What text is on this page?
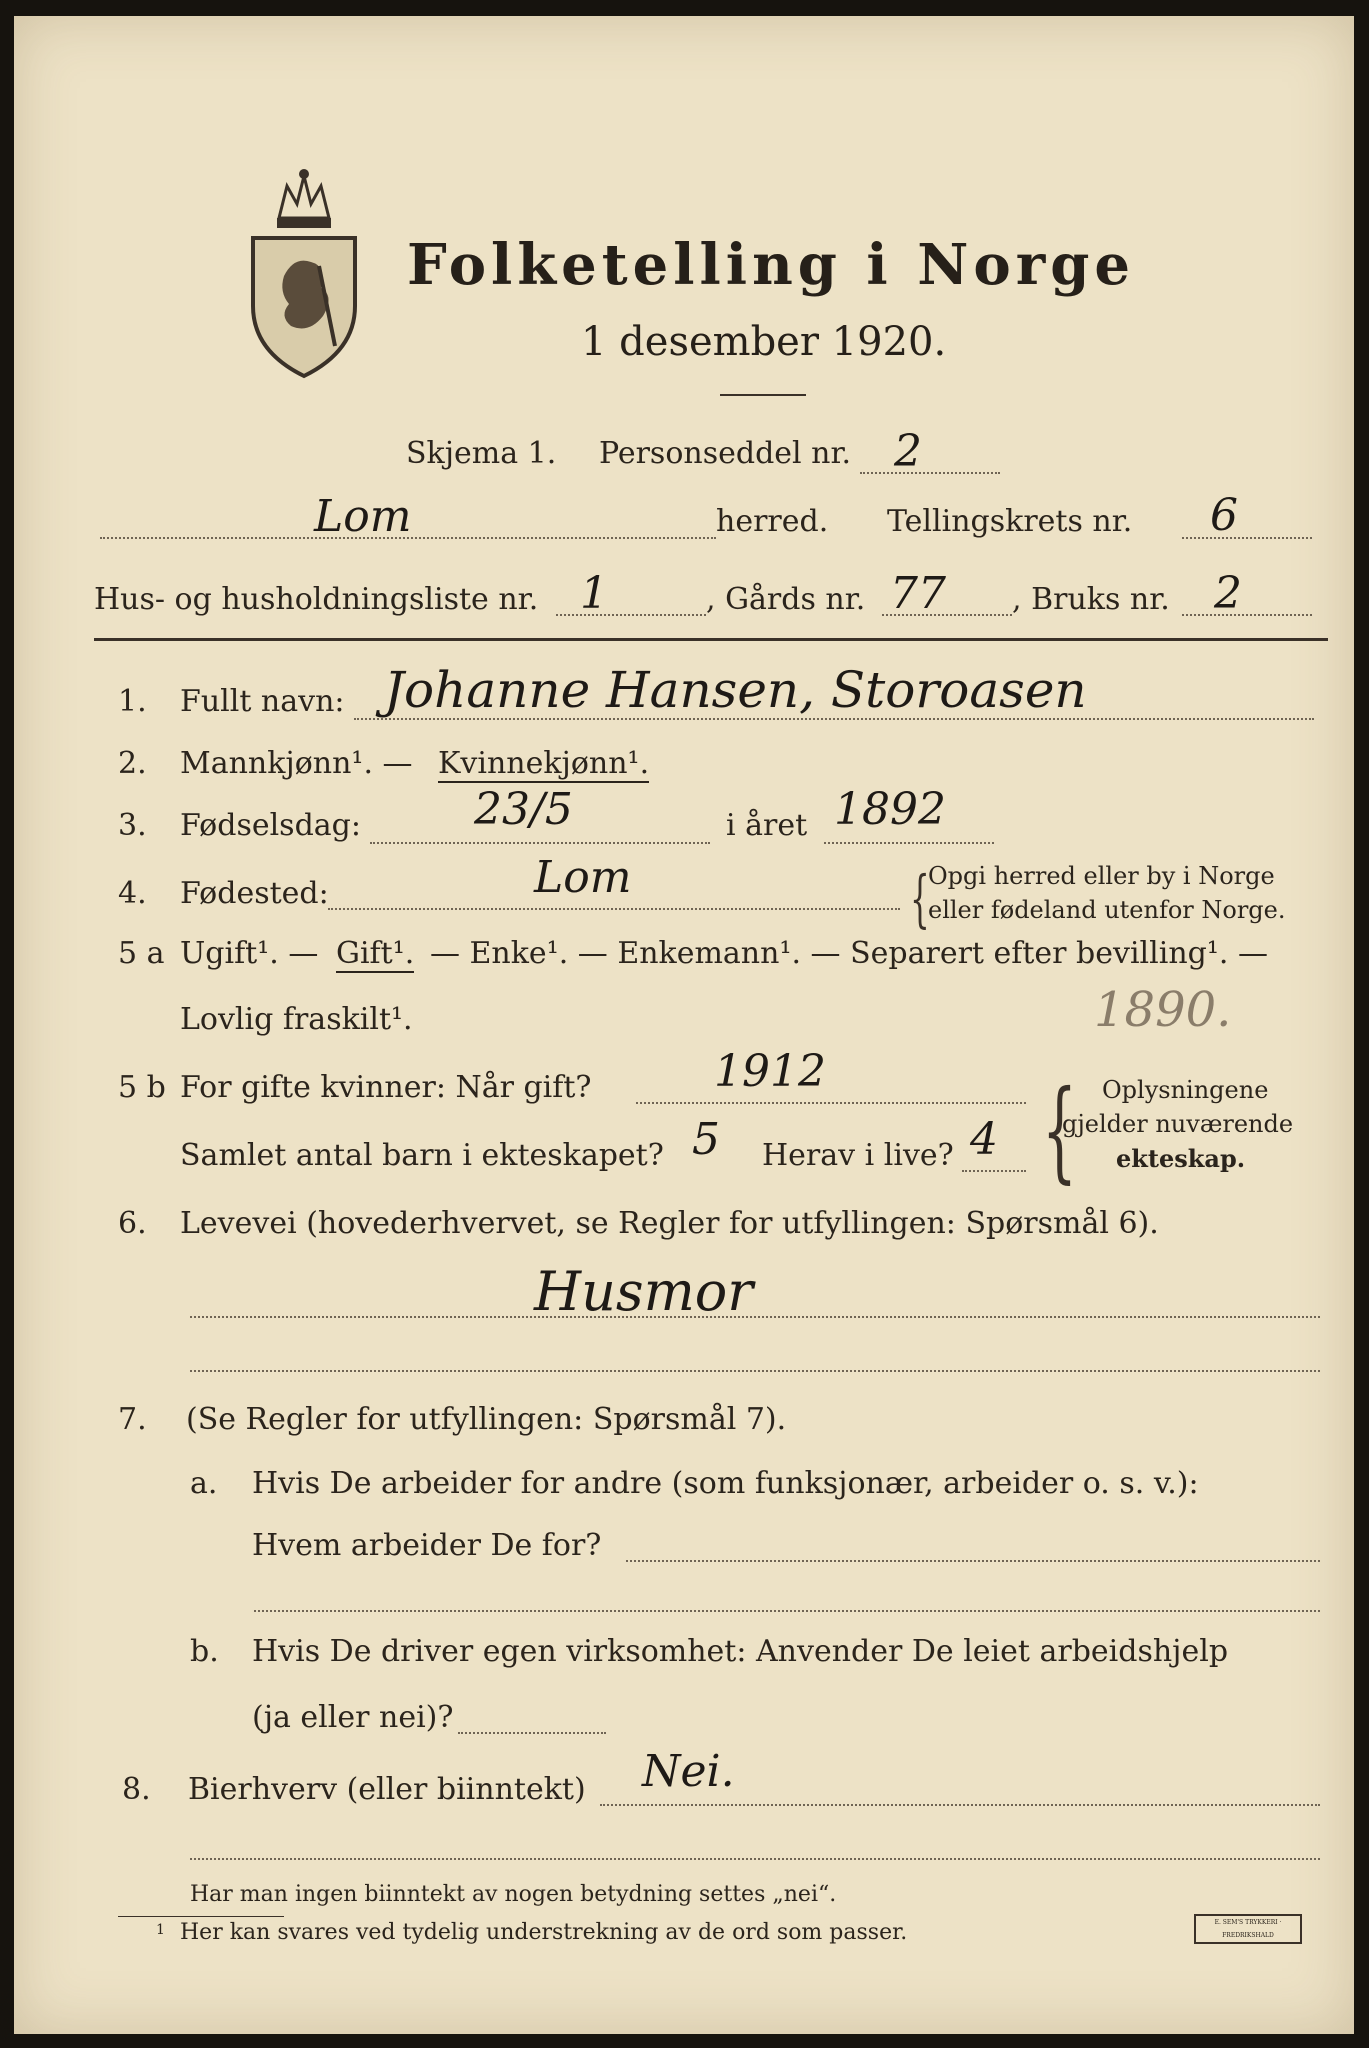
Folketelling i Norge
1 desember 1920.
Skjema 1. Personseddel nr. 2
Lom	herred. Tellingskrets nr. 6
Hus- og husholdningsliste nr. 1	, Gårds nr. 77 , Bruks nr. 2
1. Fullt navn: Johanne Hansen, Storoasen
2. Mannkjønn¹. — Kvinnekjønn¹.
3. Fødselsdag:	23/5	i året 1892
4. Fødested:	Lom	{
Opgi herred eller by i Norge
eller fødeland utenfor Norge.
5 a Ugift¹. — Gift¹. — Enke¹. — Enkemann¹. — Separert efter bevilling¹. —
Lovlig fraskilt¹.	1890.
5 b For gifte kvinner: Når gift?	1912
Samlet antal barn i ekteskapet? 5 Herav i live? 4 { Oplysningene
gjelder nuværende
ekteskap.
6. Levevei (hovederhvervet, se Regler for utfyllingen: Spørsmål 6).
Husmor
7. (Se Regler for utfyllingen: Spørsmål 7).
a. Hvis De arbeider for andre (som funksjonær, arbeider o. s. v.):
Hvem arbeider De for?
b. Hvis De driver egen virksomhet: Anvender De leiet arbeidshjelp
(ja eller nei)?
8. Bierhverv (eller biinntekt) Nei.
Har man ingen biinntekt av nogen betydning settes „nei“.
1 Her kan svares ved tydelig understrekning av de ord som passer.	E. SEM'S TRYKKERI · FREDRIKSHALD
